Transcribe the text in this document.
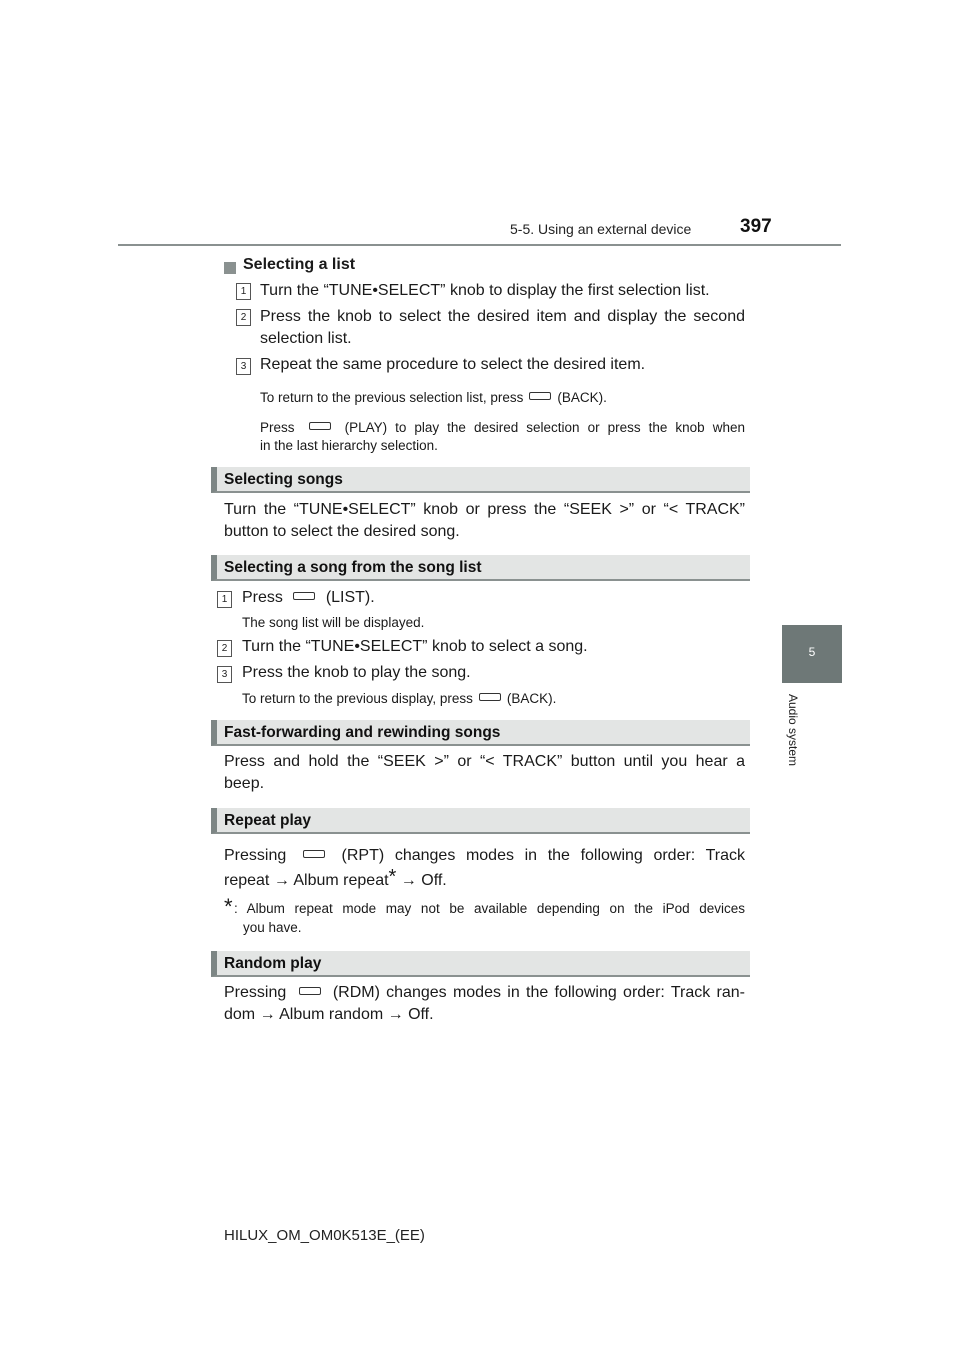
5-5. Using an external device	397
5
Audio system
Selecting a list
1 Turn the “TUNE•SELECT” knob to display the first selection list.
2 Press the knob to select the desired item and display the second
selection list.
3 Repeat the same procedure to select the desired item.
To return to the previous selection list, press	(BACK).
Press	(PLAY) to play the desired selection or press the knob when
in the last hierarchy selection.
Selecting songs
Turn the “TUNE•SELECT” knob or press the “SEEK >” or “< TRACK”
button to select the desired song.
Selecting a song from the song list
1 Press	(LIST).
The song list will be displayed.
2 Turn the “TUNE•SELECT” knob to select a song.
3 Press the knob to play the song.
To return to the previous display, press	(BACK).
Fast-forwarding and rewinding songs
Press and hold the “SEEK >” or “< TRACK” button until you hear a
beep.
Repeat play
Pressing	(RPT) changes modes in the following order: Track
repeat → Album repeat* → Off.
* : Album repeat mode may not be available depending on the iPod devices
you have.
Random play
Pressing	(RDM) changes modes in the following order: Track ran-
dom → Album random → Off.
HILUX_OM_OM0K513E_(EE)
